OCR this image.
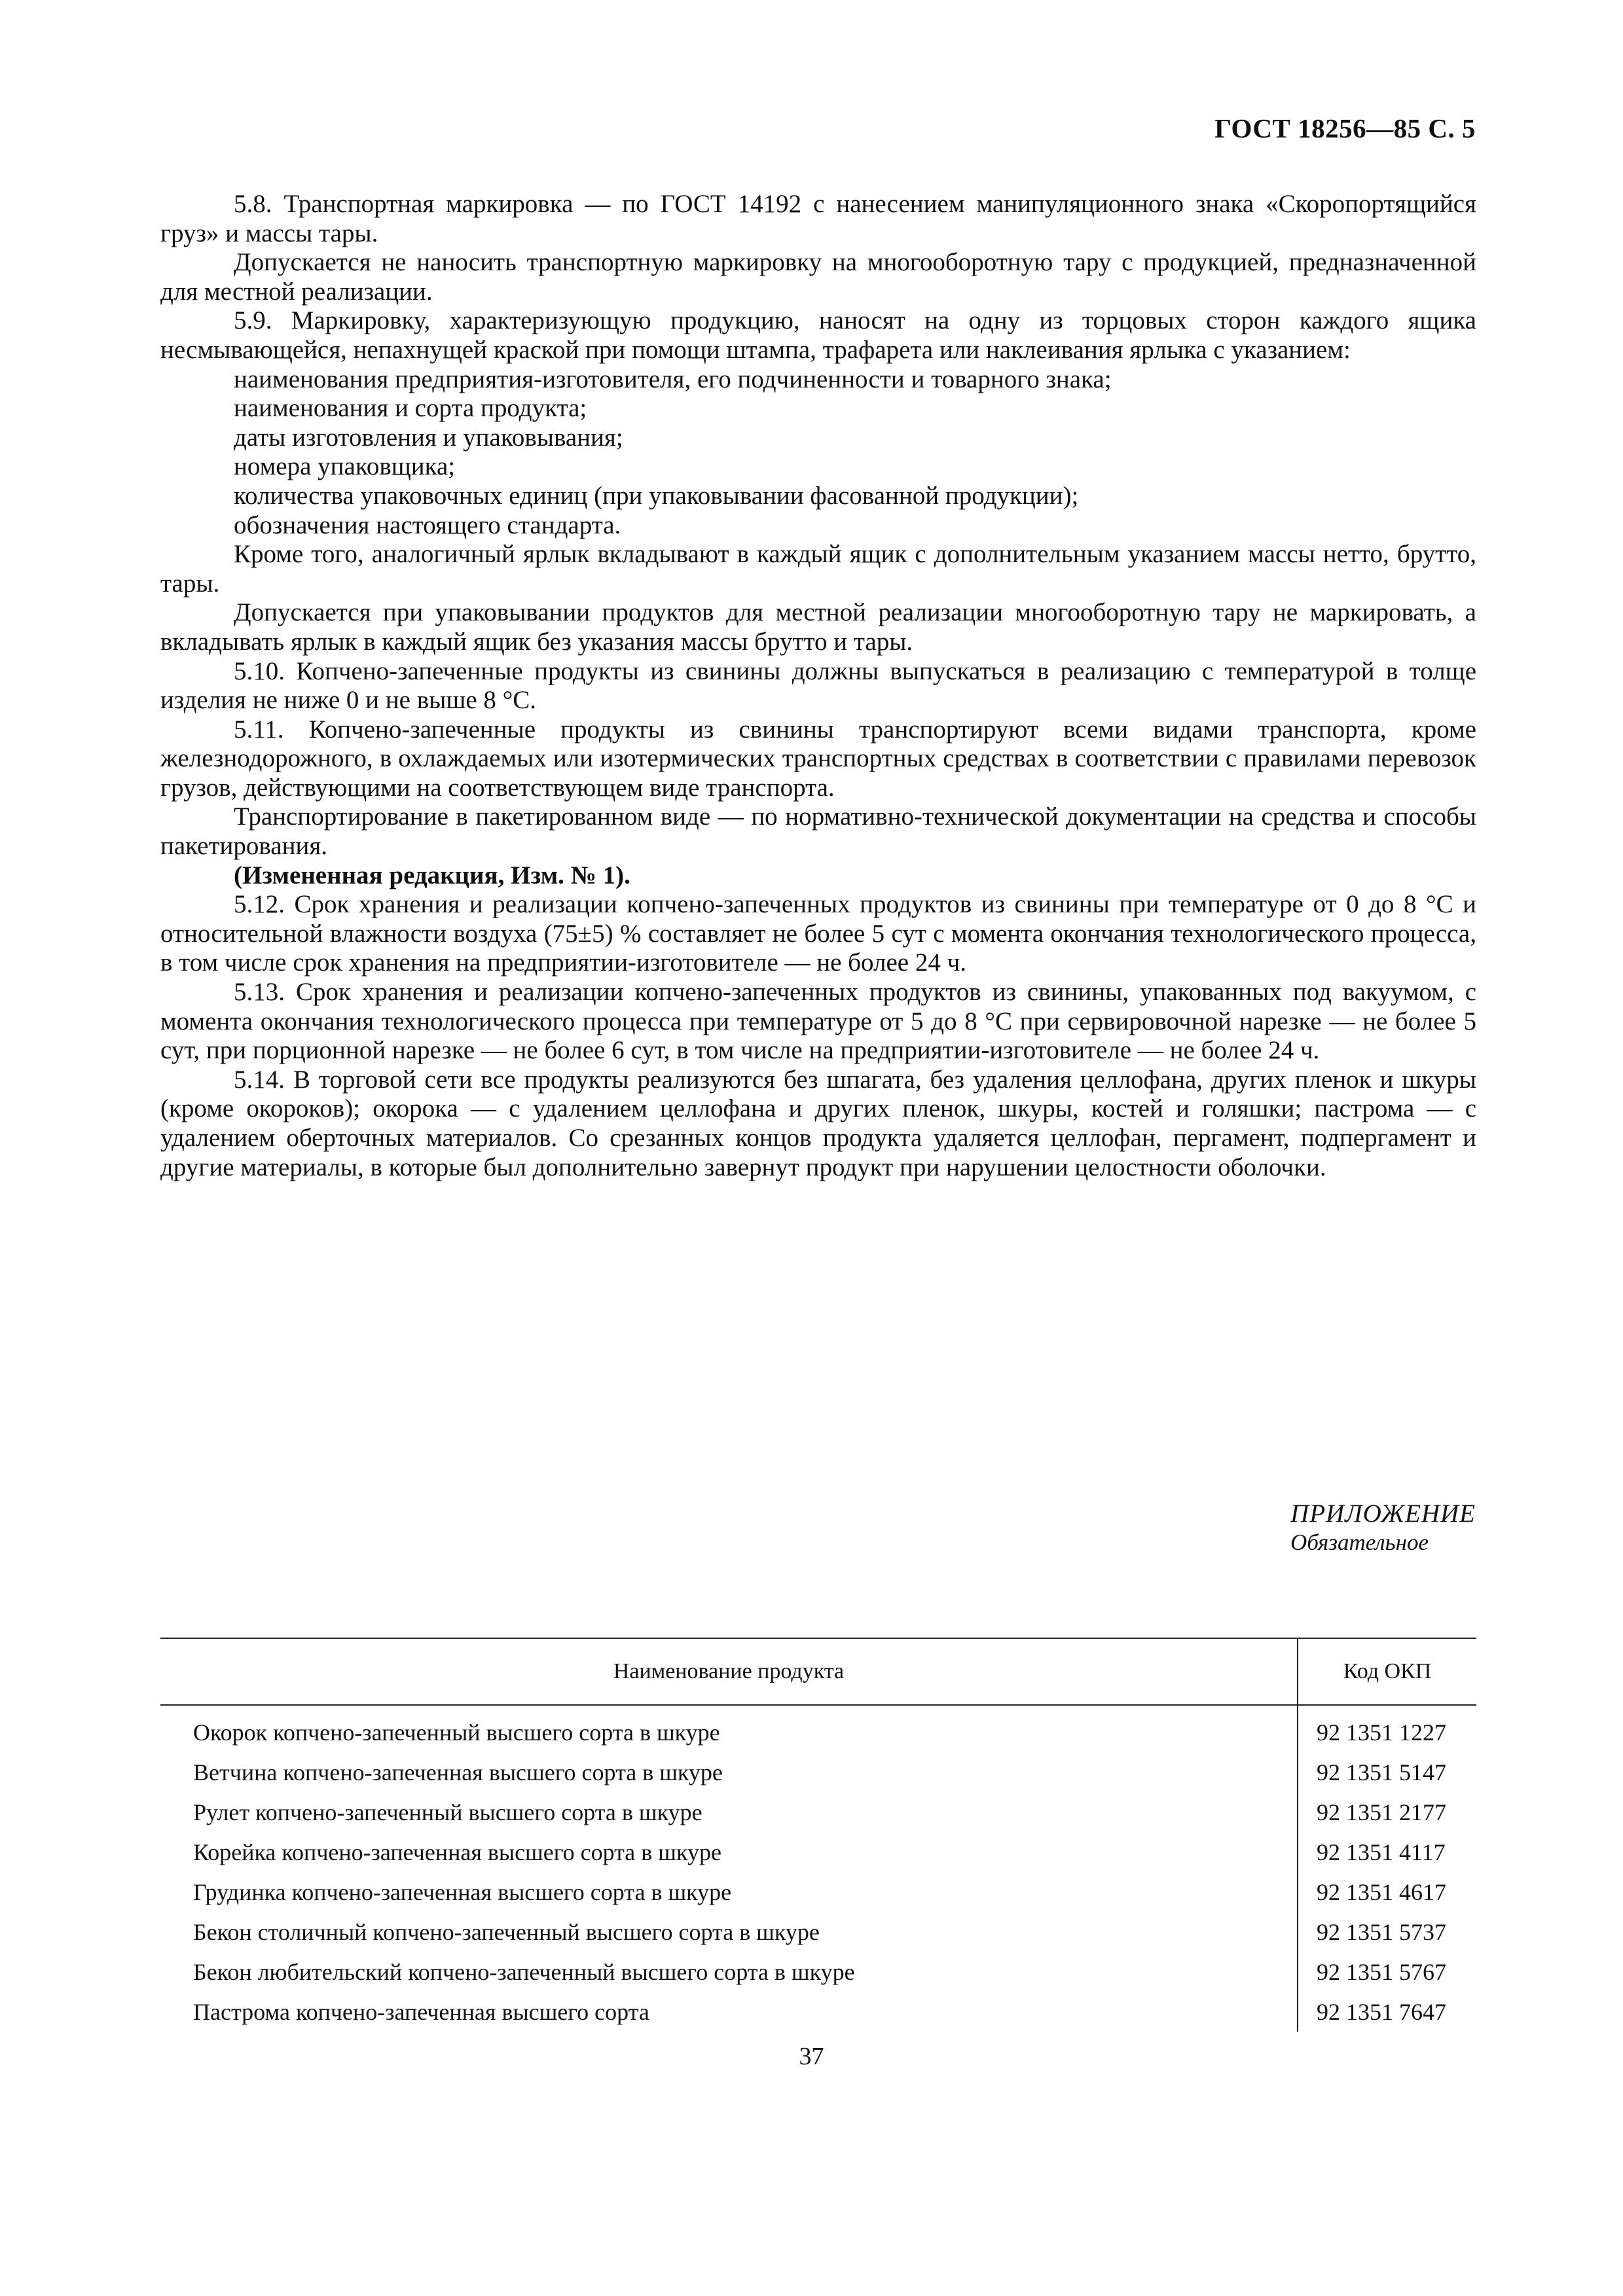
ГОСТ 18256—85 С. 5

5.8. Транспортная маркировка — по ГОСТ 14192 с нанесением манипуляционного знака «Скоропортящийся груз» и массы тары.

Допускается не наносить транспортную маркировку на многооборотную тару с продукцией, предназначенной для местной реализации.

5.9. Маркировку, характеризующую продукцию, наносят на одну из торцовых сторон каждого ящика несмывающейся, непахнущей краской при помощи штампа, трафарета или наклеивания ярлыка с указанием:

наименования предприятия-изготовителя, его подчиненности и товарного знака;

наименования и сорта продукта;

даты изготовления и упаковывания;

номера упаковщика;

количества упаковочных единиц (при упаковывании фасованной продукции);

обозначения настоящего стандарта.

Кроме того, аналогичный ярлык вкладывают в каждый ящик с дополнительным указанием массы нетто, брутто, тары.

Допускается при упаковывании продуктов для местной реализации многооборотную тару не маркировать, а вкладывать ярлык в каждый ящик без указания массы брутто и тары.

5.10. Копчено-запеченные продукты из свинины должны выпускаться в реализацию с температурой в толще изделия не ниже 0 и не выше 8 °С.

5.11. Копчено-запеченные продукты из свинины транспортируют всеми видами транспорта, кроме железнодорожного, в охлаждаемых или изотермических транспортных средствах в соответствии с правилами перевозок грузов, действующими на соответствующем виде транспорта.

Транспортирование в пакетированном виде — по нормативно-технической документации на средства и способы пакетирования.

(Измененная редакция, Изм. № 1).

5.12. Срок хранения и реализации копчено-запеченных продуктов из свинины при температуре от 0 до 8 °С и относительной влажности воздуха (75±5) % составляет не более 5 сут с момента окончания технологического процесса, в том числе срок хранения на предприятии-изготовителе — не более 24 ч.

5.13. Срок хранения и реализации копчено-запеченных продуктов из свинины, упакованных под вакуумом, с момента окончания технологического процесса при температуре от 5 до 8 °С при сервировочной нарезке — не более 5 сут, при порционной нарезке — не более 6 сут, в том числе на предприятии-изготовителе — не более 24 ч.

5.14. В торговой сети все продукты реализуются без шпагата, без удаления целлофана, других пленок и шкуры (кроме окороков); окорока — с удалением целлофана и других пленок, шкуры, костей и голяшки; пастрома — с удалением оберточных материалов. Со срезанных концов продукта удаляется целлофан, пергамент, подпергамент и другие материалы, в которые был дополнительно завернут продукт при нарушении целостности оболочки.

ПРИЛОЖЕНИЕ
Обязательное
Наименование продукта	Код ОКП
Окорок копчено-запеченный высшего сорта в шкуре	92 1351 1227
Ветчина копчено-запеченная высшего сорта в шкуре	92 1351 5147
Рулет копчено-запеченный высшего сорта в шкуре	92 1351 2177
Корейка копчено-запеченная высшего сорта в шкуре	92 1351 4117
Грудинка копчено-запеченная высшего сорта в шкуре	92 1351 4617
Бекон столичный копчено-запеченный высшего сорта в шкуре	92 1351 5737
Бекон любительский копчено-запеченный высшего сорта в шкуре	92 1351 5767
Пастрома копчено-запеченная высшего сорта	92 1351 7647
37
